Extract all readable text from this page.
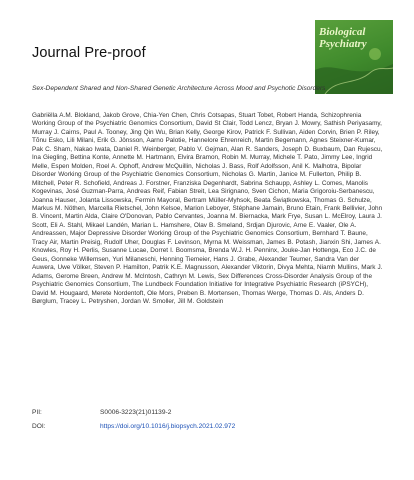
Journal Pre-proof
Biological Psychiatry
Sex-Dependent Shared and Non-Shared Genetic Architecture Across Mood and Psychotic Disorders
Gabriëlla A.M. Blokland, Jakob Grove, Chia-Yen Chen, Chris Cotsapas, Stuart Tobet, Robert Handa, Schizophrenia Working Group of the Psychiatric Genomics Consortium, David St Clair, Todd Lencz, Bryan J. Mowry, Sathish Periyasamy, Murray J. Cairns, Paul A. Tooney, Jing Qin Wu, Brian Kelly, George Kirov, Patrick F. Sullivan, Aiden Corvin, Brien P. Riley, Tõnu Esko, Lili Milani, Erik G. Jönsson, Aarno Palotie, Hannelore Ehrenreich, Martin Begemann, Agnes Steixner-Kumar, Pak C. Sham, Nakao Iwata, Daniel R. Weinberger, Pablo V. Gejman, Alan R. Sanders, Joseph D. Buxbaum, Dan Rujescu, Ina Giegling, Bettina Konte, Annette M. Hartmann, Elvira Bramon, Robin M. Murray, Michele T. Pato, Jimmy Lee, Ingrid Melle, Espen Molden, Roel A. Ophoff, Andrew McQuillin, Nicholas J. Bass, Rolf Adolfsson, Anil K. Malhotra, Bipolar Disorder Working Group of the Psychiatric Genomics Consortium, Nicholas G. Martin, Janice M. Fullerton, Philip B. Mitchell, Peter R. Schofield, Andreas J. Forstner, Franziska Degenhardt, Sabrina Schaupp, Ashley L. Comes, Manolis Kogevinas, José Guzman-Parra, Andreas Reif, Fabian Streit, Lea Sirignano, Sven Cichon, Maria Grigoroiu-Serbanescu, Joanna Hauser, Jolanta Lissowska, Fermin Mayoral, Bertram Müller-Myhsok, Beata Świątkowska, Thomas G. Schulze, Markus M. Nöthen, Marcella Rietschel, John Kelsoe, Marion Leboyer, Stéphane Jamain, Bruno Etain, Frank Bellivier, John B. Vincent, Martin Alda, Claire O'Donovan, Pablo Cervantes, Joanna M. Biernacka, Mark Frye, Susan L. McElroy, Laura J. Scott, Eli A. Stahl, Mikael Landén, Marian L. Hamshere, Olav B. Smeland, Srdjan Djurovic, Arne E. Vaaler, Ole A. Andreassen, Major Depressive Disorder Working Group of the Psychiatric Genomics Consortium, Bernhard T. Baune, Tracy Air, Martin Preisig, Rudolf Uher, Douglas F. Levinson, Myrna M. Weissman, James B. Potash, Jianxin Shi, James A. Knowles, Roy H. Perlis, Susanne Lucae, Dorret I. Boomsma, Brenda W.J. H. Penninx, Jouke-Jan Hottenga, Eco J.C. de Geus, Gonneke Willemsen, Yuri Milaneschi, Henning Tiemeier, Hans J. Grabe, Alexander Teumer, Sandra Van der Auwera, Uwe Völker, Steven P. Hamilton, Patrik K.E. Magnusson, Alexander Viktorin, Divya Mehta, Niamh Mullins, Mark J. Adams, Gerome Breen, Andrew M. McIntosh, Cathryn M. Lewis, Sex Differences Cross-Disorder Analysis Group of the Psychiatric Genomics Consortium, The Lundbeck Foundation Initiative for Integrative Psychiatric Research (iPSYCH), David M. Hougaard, Merete Nordentoft, Ole Mors, Preben B. Mortensen, Thomas Werge, Thomas D. Als, Anders D. Børglum, Tracey L. Petryshen, Jordan W. Smoller, Jill M. Goldstein
PII:	S0006-3223(21)01139-2
DOI:	https://doi.org/10.1016/j.biopsych.2021.02.972
